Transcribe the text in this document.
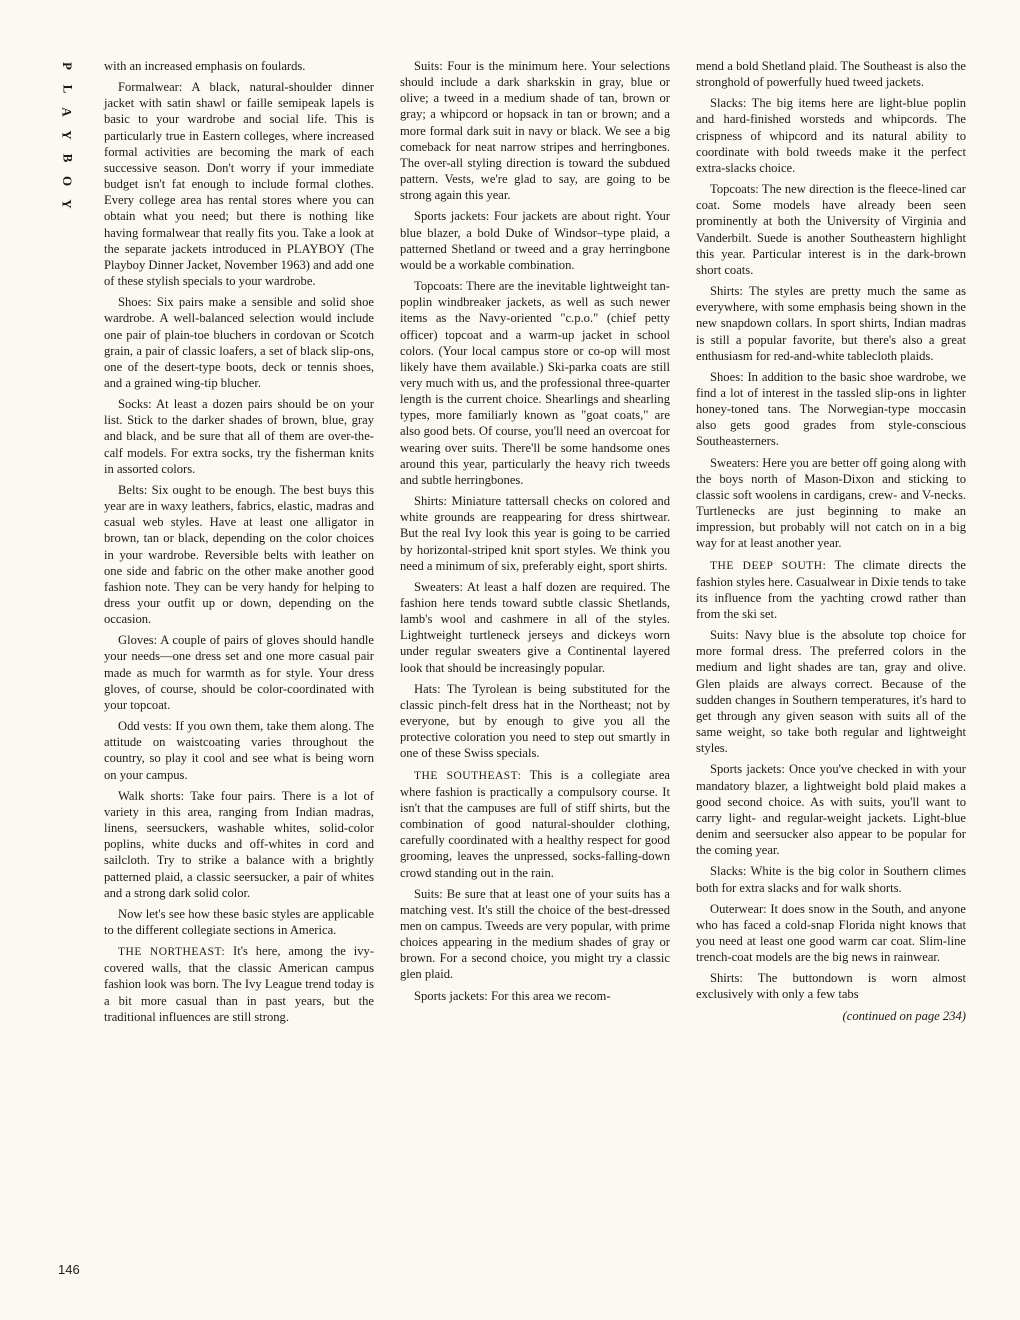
P
L
A
Y
B
O
Y

with an increased emphasis on foulards.

Formalwear: A black, natural-shoulder dinner jacket with satin shawl or faille semipeak lapels is basic to your wardrobe and social life. This is particularly true in Eastern colleges, where increased formal activities are becoming the mark of each successive season. Don't worry if your immediate budget isn't fat enough to include formal clothes. Every college area has rental stores where you can obtain what you need; but there is nothing like having formalwear that really fits you. Take a look at the separate jackets introduced in PLAYBOY (The Playboy Dinner Jacket, November 1963) and add one of these stylish specials to your wardrobe.

Shoes: Six pairs make a sensible and solid shoe wardrobe. A well-balanced selection would include one pair of plain-toe bluchers in cordovan or Scotch grain, a pair of classic loafers, a set of black slip-ons, one of the desert-type boots, deck or tennis shoes, and a grained wing-tip blucher.

Socks: At least a dozen pairs should be on your list. Stick to the darker shades of brown, blue, gray and black, and be sure that all of them are over-the-calf models. For extra socks, try the fisherman knits in assorted colors.

Belts: Six ought to be enough. The best buys this year are in waxy leathers, fabrics, elastic, madras and casual web styles. Have at least one alligator in brown, tan or black, depending on the color choices in your wardrobe. Reversible belts with leather on one side and fabric on the other make another good fashion note. They can be very handy for helping to dress your outfit up or down, depending on the occasion.

Gloves: A couple of pairs of gloves should handle your needs—one dress set and one more casual pair made as much for warmth as for style. Your dress gloves, of course, should be color-coordinated with your topcoat.

Odd vests: If you own them, take them along. The attitude on waistcoating varies throughout the country, so play it cool and see what is being worn on your campus.

Walk shorts: Take four pairs. There is a lot of variety in this area, ranging from Indian madras, linens, seersuckers, washable whites, solid-color poplins, white ducks and off-whites in cord and sailcloth. Try to strike a balance with a brightly patterned plaid, a classic seersucker, a pair of whites and a strong dark solid color.

Now let's see how these basic styles are applicable to the different collegiate sections in America.

THE NORTHEAST: It's here, among the ivy-covered walls, that the classic American campus fashion look was born. The Ivy League trend today is a bit more casual than in past years, but the traditional influences are still strong.

Suits: Four is the minimum here. Your selections should include a dark sharkskin in gray, blue or olive; a tweed in a medium shade of tan, brown or gray; a whipcord or hopsack in tan or brown; and a more formal dark suit in navy or black. We see a big comeback for neat narrow stripes and herringbones. The over-all styling direction is toward the subdued pattern. Vests, we're glad to say, are going to be strong again this year.

Sports jackets: Four jackets are about right. Your blue blazer, a bold Duke of Windsor–type plaid, a patterned Shetland or tweed and a gray herringbone would be a workable combination.

Topcoats: There are the inevitable lightweight tan-poplin windbreaker jackets, as well as such newer items as the Navy-oriented "c.p.o." (chief petty officer) topcoat and a warm-up jacket in school colors. (Your local campus store or co-op will most likely have them available.) Ski-parka coats are still very much with us, and the professional three-quarter length is the current choice. Shearlings and shearling types, more familiarly known as "goat coats," are also good bets. Of course, you'll need an overcoat for wearing over suits. There'll be some handsome ones around this year, particularly the heavy rich tweeds and subtle herringbones.

Shirts: Miniature tattersall checks on colored and white grounds are reappearing for dress shirtwear. But the real Ivy look this year is going to be carried by horizontal-striped knit sport styles. We think you need a minimum of six, preferably eight, sport shirts.

Sweaters: At least a half dozen are required. The fashion here tends toward subtle classic Shetlands, lamb's wool and cashmere in all of the styles. Lightweight turtleneck jerseys and dickeys worn under regular sweaters give a Continental layered look that should be increasingly popular.

Hats: The Tyrolean is being substituted for the classic pinch-felt dress hat in the Northeast; not by everyone, but by enough to give you all the protective coloration you need to step out smartly in one of these Swiss specials.

THE SOUTHEAST: This is a collegiate area where fashion is practically a compulsory course. It isn't that the campuses are full of stiff shirts, but the combination of good natural-shoulder clothing, carefully coordinated with a healthy respect for good grooming, leaves the unpressed, socks-falling-down crowd standing out in the rain.

Suits: Be sure that at least one of your suits has a matching vest. It's still the choice of the best-dressed men on campus. Tweeds are very popular, with prime choices appearing in the medium shades of gray or brown. For a second choice, you might try a classic glen plaid.

Sports jackets: For this area we recom-

mend a bold Shetland plaid. The Southeast is also the stronghold of powerfully hued tweed jackets.

Slacks: The big items here are light-blue poplin and hard-finished worsteds and whipcords. The crispness of whipcord and its natural ability to coordinate with bold tweeds make it the perfect extra-slacks choice.

Topcoats: The new direction is the fleece-lined car coat. Some models have already been seen prominently at both the University of Virginia and Vanderbilt. Suede is another Southeastern highlight this year. Particular interest is in the dark-brown short coats.

Shirts: The styles are pretty much the same as everywhere, with some emphasis being shown in the new snapdown collars. In sport shirts, Indian madras is still a popular favorite, but there's also a great enthusiasm for red-and-white tablecloth plaids.

Shoes: In addition to the basic shoe wardrobe, we find a lot of interest in the tassled slip-ons in lighter honey-toned tans. The Norwegian-type moccasin also gets good grades from style-conscious Southeasterners.

Sweaters: Here you are better off going along with the boys north of Mason-Dixon and sticking to classic soft woolens in cardigans, crew- and V-necks. Turtlenecks are just beginning to make an impression, but probably will not catch on in a big way for at least another year.

THE DEEP SOUTH: The climate directs the fashion styles here. Casualwear in Dixie tends to take its influence from the yachting crowd rather than from the ski set.

Suits: Navy blue is the absolute top choice for more formal dress. The preferred colors in the medium and light shades are tan, gray and olive. Glen plaids are always correct. Because of the sudden changes in Southern temperatures, it's hard to get through any given season with suits all of the same weight, so take both regular and lightweight styles.

Sports jackets: Once you've checked in with your mandatory blazer, a lightweight bold plaid makes a good second choice. As with suits, you'll want to carry light- and regular-weight jackets. Light-blue denim and seersucker also appear to be popular for the coming year.

Slacks: White is the big color in Southern climes both for extra slacks and for walk shorts.

Outerwear: It does snow in the South, and anyone who has faced a cold-snap Florida night knows that you need at least one good warm car coat. Slim-line trench-coat models are the big news in rainwear.

Shirts: The buttondown is worn almost exclusively with only a few tabs

(continued on page 234)

146
